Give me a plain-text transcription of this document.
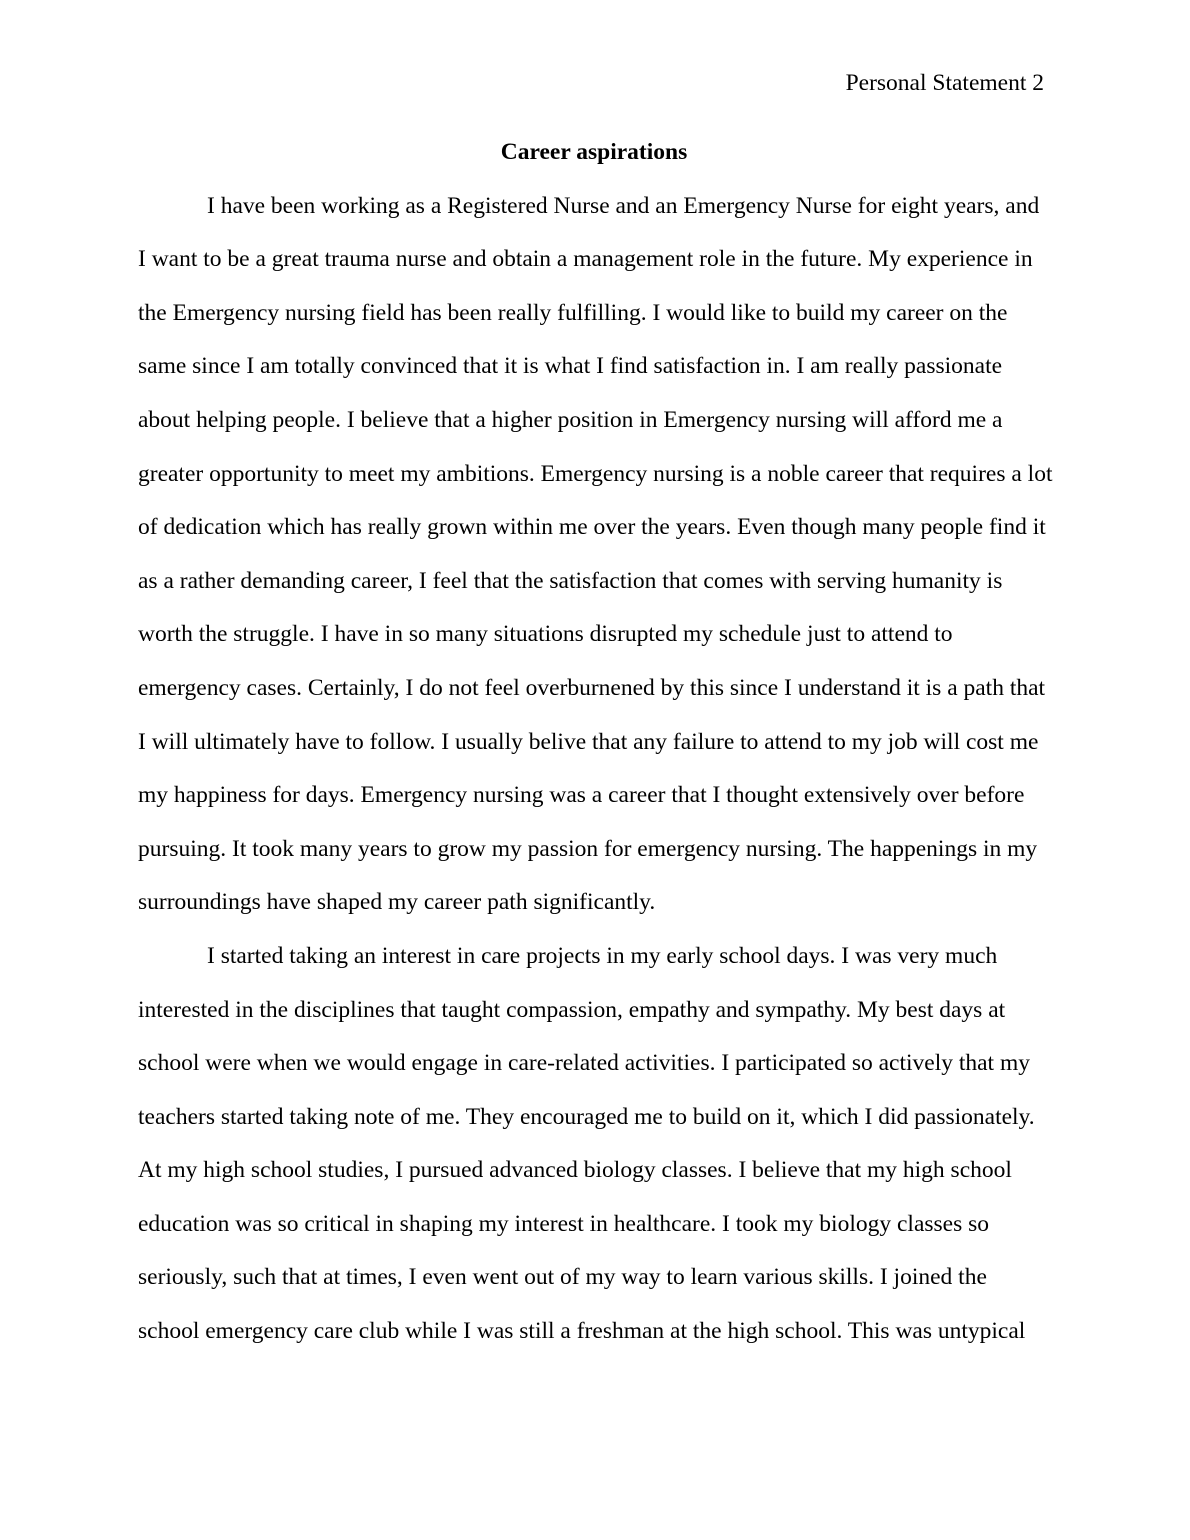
Personal Statement 2
Career aspirations
I have been working as a Registered Nurse and an Emergency Nurse for eight years, and
I want to be a great trauma nurse and obtain a management role in the future. My experience in
the Emergency nursing field has been really fulfilling. I would like to build my career on the
same since I am totally convinced that it is what I find satisfaction in. I am really passionate
about helping people. I believe that a higher position in Emergency nursing will afford me a
greater opportunity to meet my ambitions. Emergency nursing is a noble career that requires a lot
of dedication which has really grown within me over the years. Even though many people find it
as a rather demanding career, I feel that the satisfaction that comes with serving humanity is
worth the struggle. I have in so many situations disrupted my schedule just to attend to
emergency cases. Certainly, I do not feel overburnened by this since I understand it is a path that
I will ultimately have to follow. I usually belive that any failure to attend to my job will cost me
my happiness for days. Emergency nursing was a career that I thought extensively over before
pursuing. It took many years to grow my passion for emergency nursing. The happenings in my
surroundings have shaped my career path significantly.
I started taking an interest in care projects in my early school days. I was very much
interested in the disciplines that taught compassion, empathy and sympathy. My best days at
school were when we would engage in care-related activities. I participated so actively that my
teachers started taking note of me. They encouraged me to build on it, which I did passionately.
At my high school studies, I pursued advanced biology classes. I believe that my high school
education was so critical in shaping my interest in healthcare. I took my biology classes so
seriously, such that at times, I even went out of my way to learn various skills. I joined the
school emergency care club while I was still a freshman at the high school. This was untypical
